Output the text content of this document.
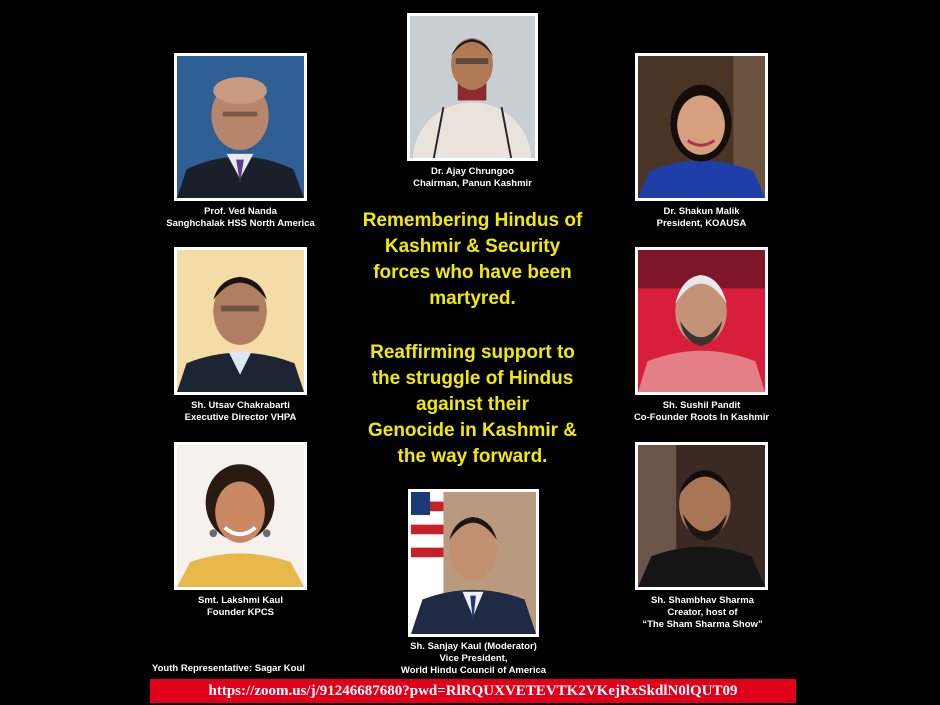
Dr. Ajay Chrungoo
Chairman, Panun Kashmir
Prof. Ved Nanda
Sanghchalak HSS North America
Dr. Shakun Malik
President, KOAUSA
Sh. Utsav Chakrabarti
Executive Director VHPA
Sh. Sushil Pandit
Co-Founder Roots In Kashmir
Remembering Hindus of
Kashmir & Security
forces who have been
martyred.
Reaffirming support to
the struggle of Hindus
against their
Genocide in Kashmir &
the way forward.
Smt. Lakshmi Kaul
Founder KPCS
Sh. Sanjay Kaul (Moderator)
Vice President,
World Hindu Council of America
Sh. Shambhav Sharma
Creator, host of
“The Sham Sharma Show”
Youth Representative: Sagar Koul
https://zoom.us/j/91246687680?pwd=RlRQUXVETEVTK2VKejRxSkdlN0lQUT09
